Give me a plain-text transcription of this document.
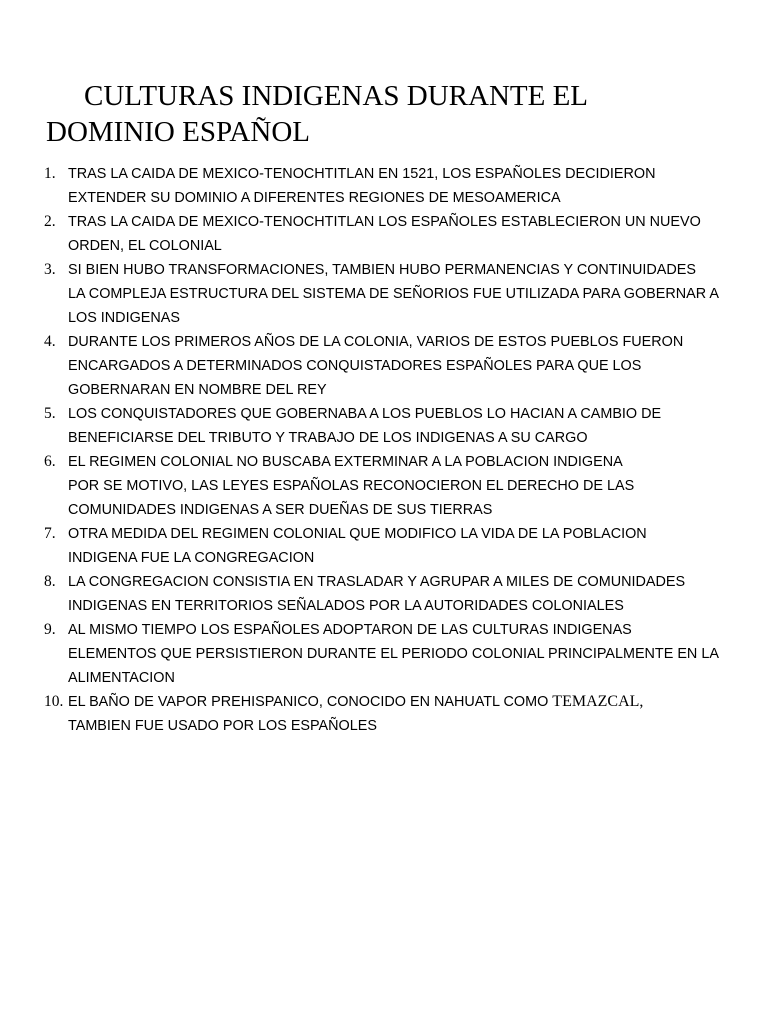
CULTURAS INDIGENAS DURANTE EL
DOMINIO ESPAÑOL
1. TRAS LA CAIDA DE MEXICO-TENOCHTITLAN EN 1521, LOS ESPAÑOLES DECIDIERON
EXTENDER SU DOMINIO A DIFERENTES REGIONES DE MESOAMERICA
2. TRAS LA CAIDA DE MEXICO-TENOCHTITLAN LOS ESPAÑOLES ESTABLECIERON UN NUEVO
ORDEN, EL COLONIAL
3. SI BIEN HUBO TRANSFORMACIONES, TAMBIEN HUBO PERMANENCIAS Y CONTINUIDADES
LA COMPLEJA ESTRUCTURA DEL SISTEMA DE SEÑORIOS FUE UTILIZADA PARA GOBERNAR A
LOS INDIGENAS
4. DURANTE LOS PRIMEROS AÑOS DE LA COLONIA, VARIOS DE ESTOS PUEBLOS FUERON
ENCARGADOS A DETERMINADOS CONQUISTADORES ESPAÑOLES PARA QUE LOS
GOBERNARAN EN NOMBRE DEL REY
5. LOS CONQUISTADORES QUE GOBERNABA A LOS PUEBLOS LO HACIAN A CAMBIO DE
BENEFICIARSE DEL TRIBUTO Y TRABAJO DE LOS INDIGENAS A SU CARGO
6. EL REGIMEN COLONIAL NO BUSCABA EXTERMINAR A LA POBLACION INDIGENA
POR SE MOTIVO, LAS LEYES ESPAÑOLAS RECONOCIERON EL DERECHO DE LAS
COMUNIDADES INDIGENAS A SER DUEÑAS DE SUS TIERRAS
7. OTRA MEDIDA DEL REGIMEN COLONIAL QUE MODIFICO LA VIDA DE LA POBLACION
INDIGENA FUE LA CONGREGACION
8. LA CONGREGACION CONSISTIA EN TRASLADAR Y AGRUPAR A MILES DE COMUNIDADES
INDIGENAS EN TERRITORIOS SEÑALADOS POR LA AUTORIDADES COLONIALES
9. AL MISMO TIEMPO LOS ESPAÑOLES ADOPTARON DE LAS CULTURAS INDIGENAS
ELEMENTOS QUE PERSISTIERON DURANTE EL PERIODO COLONIAL PRINCIPALMENTE EN LA
ALIMENTACION
10. EL BAÑO DE VAPOR PREHISPANICO, CONOCIDO EN NAHUATL COMO TEMAZCAL,
TAMBIEN FUE USADO POR LOS ESPAÑOLES
